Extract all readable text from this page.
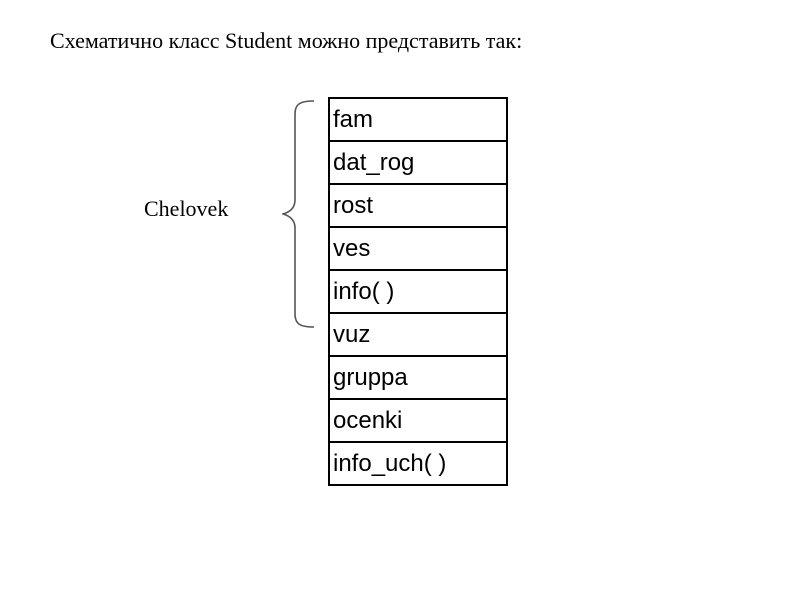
Схематично класс Student можно представить так:
Chelovek
fam
dat_rog
rost
ves
info( )
vuz
gruppa
ocenki
info_uch( )
